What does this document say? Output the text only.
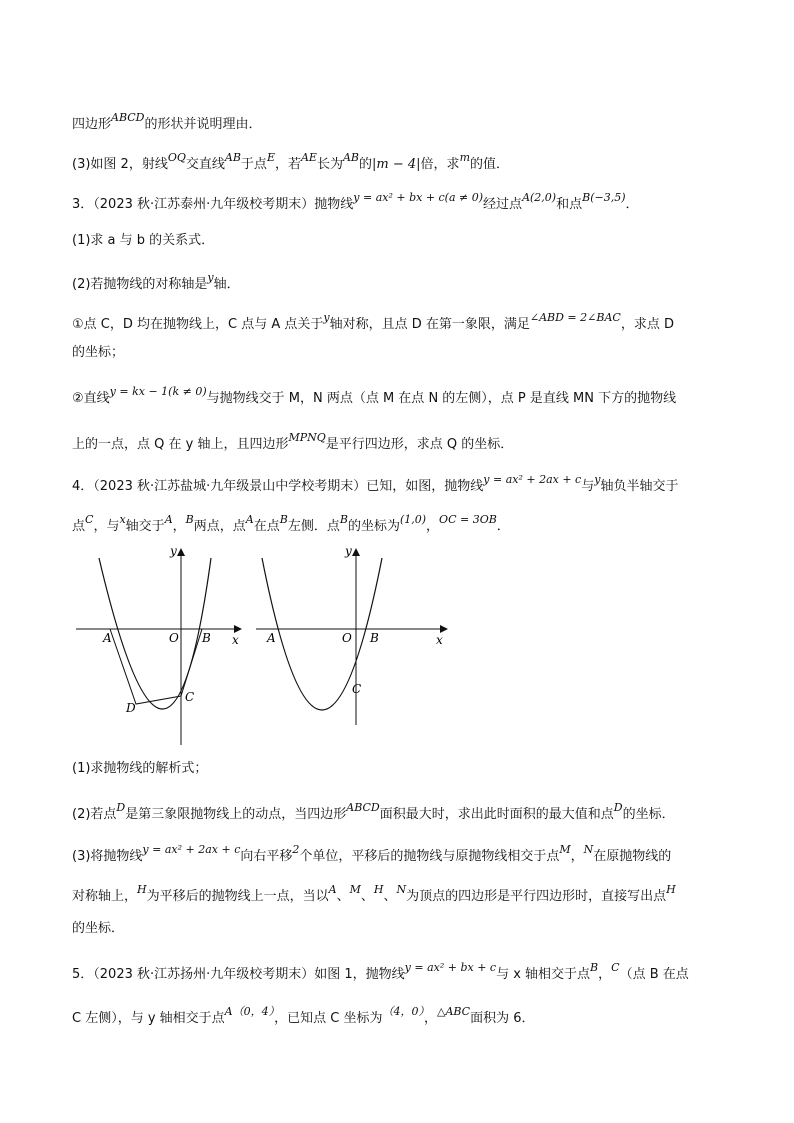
四边形$^{ABCD}$的形状并说明理由．
(3)如图 2，射线$^{OQ}$交直线$^{AB}$于点$^E$，若$^{AE}$长为$^{AB}$的|m − 4|倍，求$^m$的值．
3．（2023 秋·江苏泰州·九年级校考期末）抛物线$^{y = ax^2 + bx + c(a \ne 0)}$经过点$^{A(2,0)}$和点$^{B(-3,5)}$．
(1)求 a 与 b 的关系式．
(2)若抛物线的对称轴是$^y$轴．
①点 C，D 均在抛物线上，C 点与 A 点关于$^y$轴对称，且点 D 在第一象限，满足$^{\angle ABD = 2\angle BAC}$，求点 D
的坐标；
②直线$^{y = kx - 1(k \ne 0)}$与抛物线交于 M，N 两点（点 M 在点 N 的左侧），点 P 是直线 MN 下方的抛物线
上的一点，点 Q 在 y 轴上，且四边形$^{MPNQ}$是平行四边形，求点 Q 的坐标．
4．（2023 秋·江苏盐城·九年级景山中学校考期末）已知，如图，抛物线$^{y = ax^2 + 2ax + c}$与$^y$轴负半轴交于
点$^C$，与$^x$轴交于$^A$，$^B$两点，点$^A$在点$^B$左侧．点$^B$的坐标为$^{(1,0)}$，$^{OC = 3OB}$．
y
x
O
A	B
C
D
y
x
O
A	B
C
(1)求抛物线的解析式；
(2)若点$^D$是第三象限抛物线上的动点，当四边形$^{ABCD}$面积最大时，求出此时面积的最大值和点$^D$的坐标．
(3)将抛物线$^{y = ax^2 + 2ax + c}$向右平移$^2$个单位，平移后的抛物线与原抛物线相交于点$^M$，$^N$在原抛物线的
对称轴上，$^H$为平移后的抛物线上一点，当以$^A$、$^M$、$^H$、$^N$为顶点的四边形是平行四边形时，直接写出点$^H$
的坐标．
5．（2023 秋·江苏扬州·九年级校考期末）如图 1，抛物线$^{y = ax^2 + bx + c}$与 x 轴相交于点$^B$，$^C$（点 B 在点
C 左侧），与 y 轴相交于点$^{A(0,4)}$，已知点 C 坐标为$^{(4,0)}$，$^{\triangle ABC}$面积为 6．
